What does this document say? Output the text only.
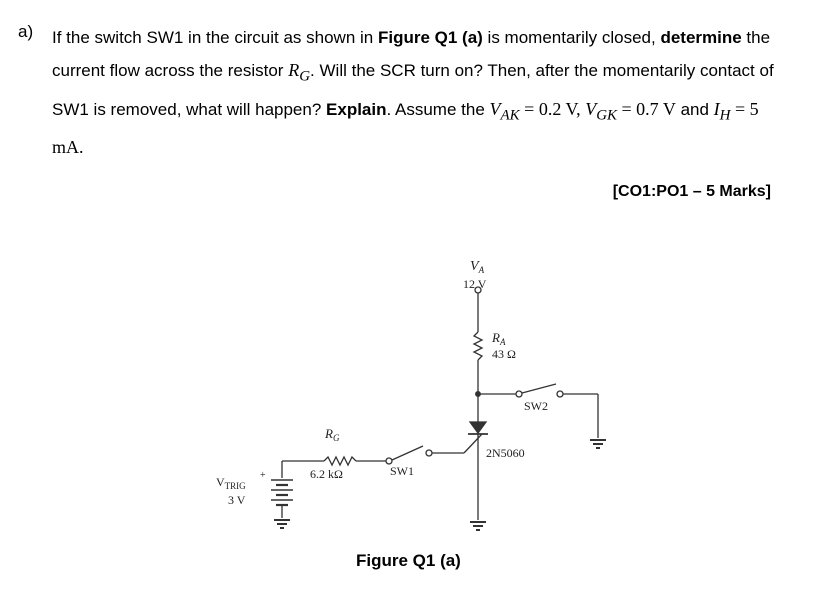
a) If the switch SW1 in the circuit as shown in Figure Q1 (a) is momentarily closed, determine the current flow across the resistor $R_G$. Will the SCR turn on? Then, after the momentarily contact of SW1 is removed, what will happen? Explain. Assume the $V_{AK} = 0.2$ V, $V_{GK} = 0.7$ V and $I_H = 5$ mA.
[CO1:PO1 – 5 Marks]
$V_A$
12 V
$R_A$
43 Ω
SW2
2N5060
$R_G$
6.2 kΩ	SW1
$V_{TRIG}$
3 V
+
Figure Q1 (a)
